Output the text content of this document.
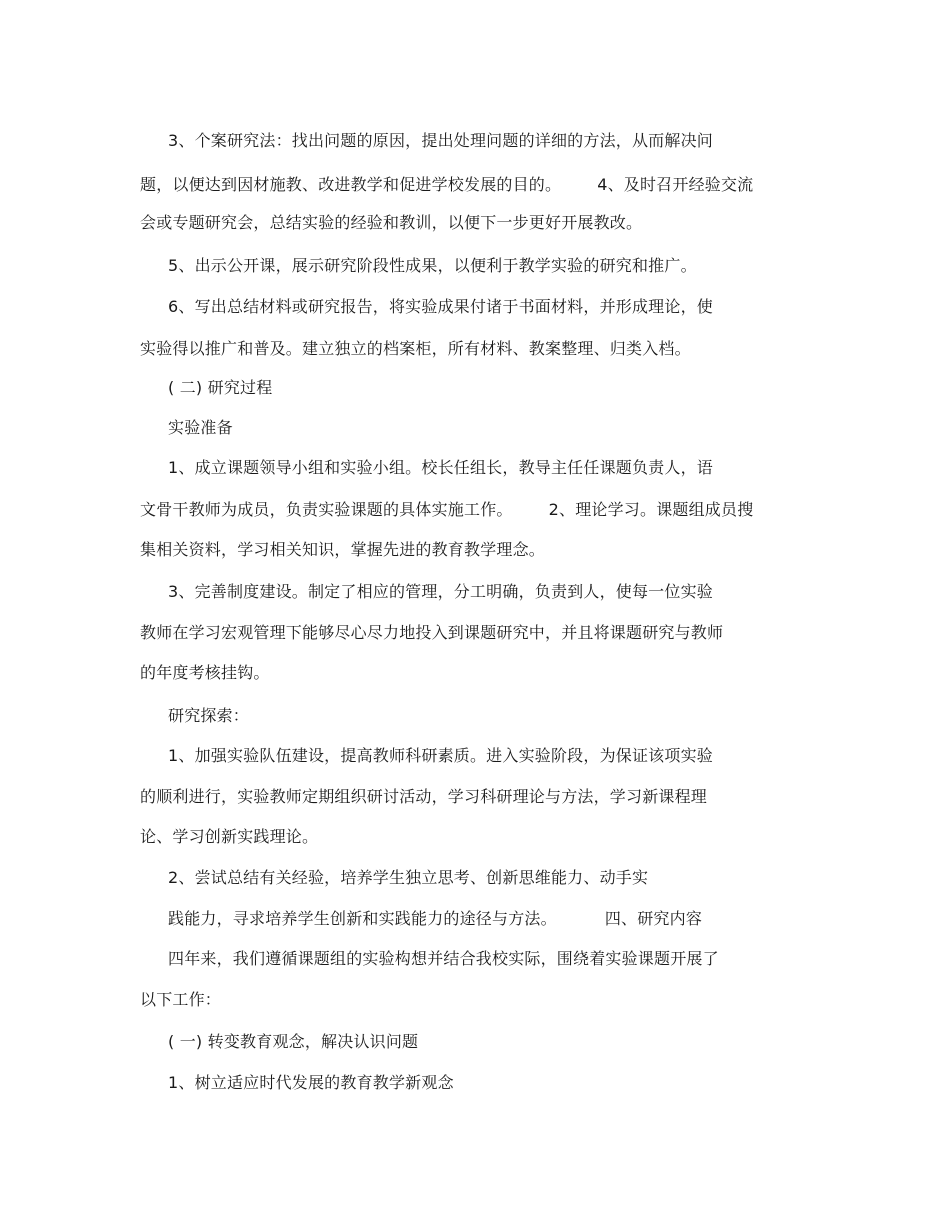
3、个案研究法：找出问题的原因，提出处理问题的详细的方法，从而解决问
题，以便达到因材施教、改进教学和促进学校发展的目的。 4、及时召开经验交流
会或专题研究会，总结实验的经验和教训，以便下一步更好开展教改。
5、出示公开课，展示研究阶段性成果，以便利于教学实验的研究和推广。
6、写出总结材料或研究报告，将实验成果付诸于书面材料，并形成理论，使
实验得以推广和普及。建立独立的档案柜，所有材料、教案整理、归类入档。
( 二) 研究过程
实验准备
1、成立课题领导小组和实验小组。校长任组长，教导主任任课题负责人，语
文骨干教师为成员，负责实验课题的具体实施工作。 2、理论学习。课题组成员搜
集相关资料，学习相关知识，掌握先进的教育教学理念。
3、完善制度建设。制定了相应的管理，分工明确，负责到人，使每一位实验
教师在学习宏观管理下能够尽心尽力地投入到课题研究中，并且将课题研究与教师
的年度考核挂钩。
研究探索：
1、加强实验队伍建设，提高教师科研素质。进入实验阶段，为保证该项实验
的顺利进行，实验教师定期组织研讨活动，学习科研理论与方法，学习新课程理
论、学习创新实践理论。
2、尝试总结有关经验，培养学生独立思考、创新思维能力、动手实
践能力，寻求培养学生创新和实践能力的途径与方法。	四、研究内容
四年来，我们遵循课题组的实验构想并结合我校实际，围绕着实验课题开展了
以下工作：
( 一) 转变教育观念，解决认识问题
1、树立适应时代发展的教育教学新观念
